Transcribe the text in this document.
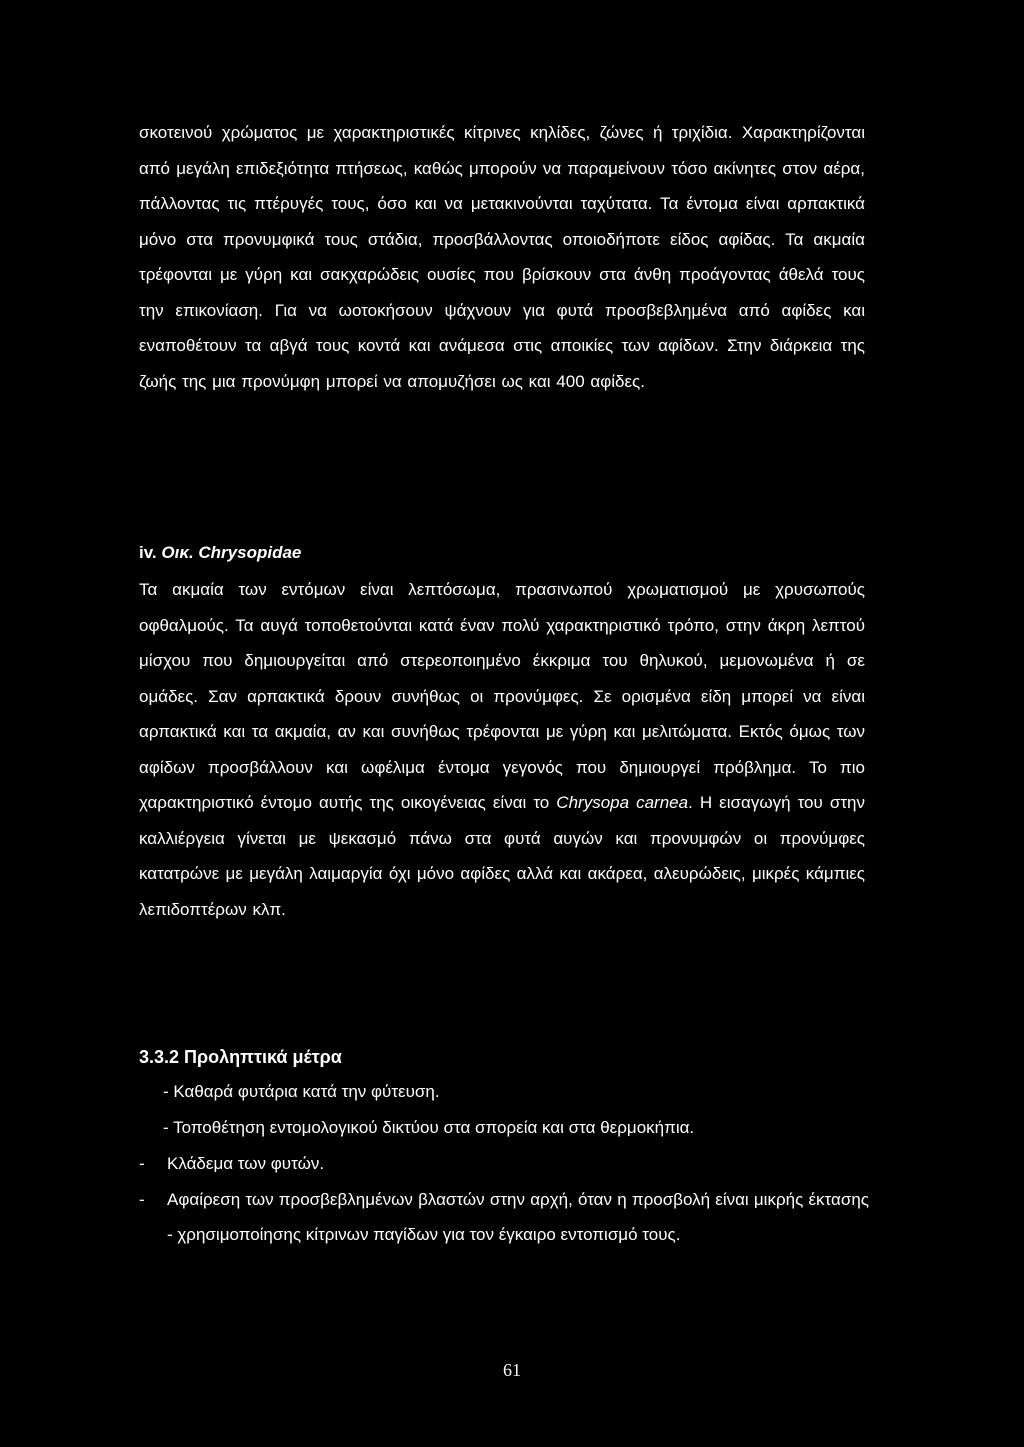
σκοτεινού χρώματος με χαρακτηριστικές κίτρινες κηλίδες, ζώνες ή τριχίδια. Χαρακτηρίζονται από μεγάλη επιδεξιότητα πτήσεως, καθώς μπορούν να παραμείνουν τόσο ακίνητες στον αέρα, πάλλοντας τις πτέρυγές τους, όσο και να μετακινούνται ταχύτατα. Τα έντομα είναι αρπακτικά μόνο στα προνυμφικά τους στάδια, προσβάλλοντας οποιοδήποτε είδος αφίδας. Τα ακμαία τρέφονται με γύρη και σακχαρώδεις ουσίες που βρίσκουν στα άνθη προάγοντας άθελά τους την επικονίαση. Για να ωοτοκήσουν ψάχνουν για φυτά προσβεβλημένα από αφίδες και εναποθέτουν τα αβγά τους κοντά και ανάμεσα στις αποικίες των αφίδων. Στην διάρκεια της ζωής της μια προνύμφη μπορεί να απομυζήσει ως και 400 αφίδες.

iv. Οικ. Chrysopidae

Τα ακμαία των εντόμων είναι λεπτόσωμα, πρασινωπού χρωματισμού με χρυσωπούς οφθαλμούς. Τα αυγά τοποθετούνται κατά έναν πολύ χαρακτηριστικό τρόπο, στην άκρη λεπτού μίσχου που δημιουργείται από στερεοποιημένο έκκριμα του θηλυκού, μεμονωμένα ή σε ομάδες. Σαν αρπακτικά δρουν συνήθως οι προνύμφες. Σε ορισμένα είδη μπορεί να είναι αρπακτικά και τα ακμαία, αν και συνήθως τρέφονται με γύρη και μελιτώματα. Εκτός όμως των αφίδων προσβάλλουν και ωφέλιμα έντομα γεγονός που δημιουργεί πρόβλημα. Το πιο χαρακτηριστικό έντομο αυτής της οικογένειας είναι το Chrysopa carnea. Η εισαγωγή του στην καλλιέργεια γίνεται με ψεκασμό πάνω στα φυτά αυγών και προνυμφών οι προνύμφες κατατρώνε με μεγάλη λαιμαργία όχι μόνο αφίδες αλλά και ακάρεα, αλευρώδεις, μικρές κάμπιες λεπιδοπτέρων κλπ.

3.3.2 Προληπτικά μέτρα

- Καθαρά φυτάρια κατά την φύτευση.
- Τοποθέτηση εντομολογικού δικτύου στα σπορεία και στα θερμοκήπια.
-	Κλάδεμα των φυτών.
-	Αφαίρεση των προσβεβλημένων βλαστών στην αρχή, όταν η προσβολή είναι μικρής έκτασης - χρησιμοποίησης κίτρινων παγίδων για τον έγκαιρο εντοπισμό τους.
61
